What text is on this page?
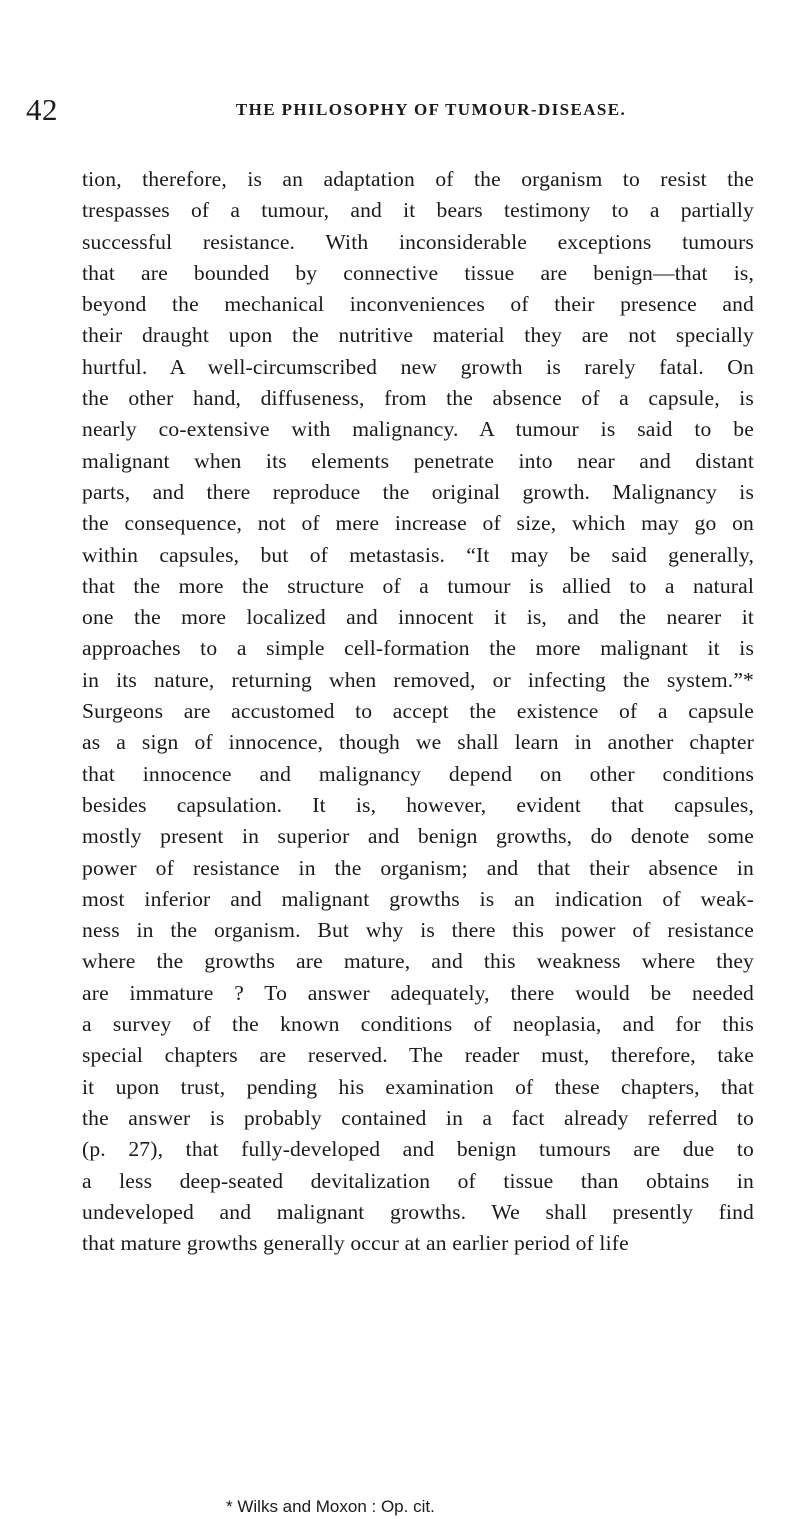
42	THE PHILOSOPHY OF TUMOUR-DISEASE.
tion, therefore, is an adaptation of the organism to resist the
trespasses of a tumour, and it bears testimony to a partially
successful resistance. With inconsiderable exceptions tumours
that are bounded by connective tissue are benign—that is,
beyond the mechanical inconveniences of their presence and
their draught upon the nutritive material they are not specially
hurtful. A well-circumscribed new growth is rarely fatal. On
the other hand, diffuseness, from the absence of a capsule, is
nearly co-extensive with malignancy. A tumour is said to be
malignant when its elements penetrate into near and distant
parts, and there reproduce the original growth. Malignancy is
the consequence, not of mere increase of size, which may go on
within capsules, but of metastasis. “It may be said generally,
that the more the structure of a tumour is allied to a natural
one the more localized and innocent it is, and the nearer it
approaches to a simple cell-formation the more malignant it is
in its nature, returning when removed, or infecting the system.”*
Surgeons are accustomed to accept the existence of a capsule
as a sign of innocence, though we shall learn in another chapter
that innocence and malignancy depend on other conditions
besides capsulation. It is, however, evident that capsules,
mostly present in superior and benign growths, do denote some
power of resistance in the organism; and that their absence in
most inferior and malignant growths is an indication of weak-
ness in the organism. But why is there this power of resistance
where the growths are mature, and this weakness where they
are immature ? To answer adequately, there would be needed
a survey of the known conditions of neoplasia, and for this
special chapters are reserved. The reader must, therefore, take
it upon trust, pending his examination of these chapters, that
the answer is probably contained in a fact already referred to
(p. 27), that fully-developed and benign tumours are due to
a less deep-seated devitalization of tissue than obtains in
undeveloped and malignant growths. We shall presently find
that mature growths generally occur at an earlier period of life
* Wilks and Moxon : Op. cit.
